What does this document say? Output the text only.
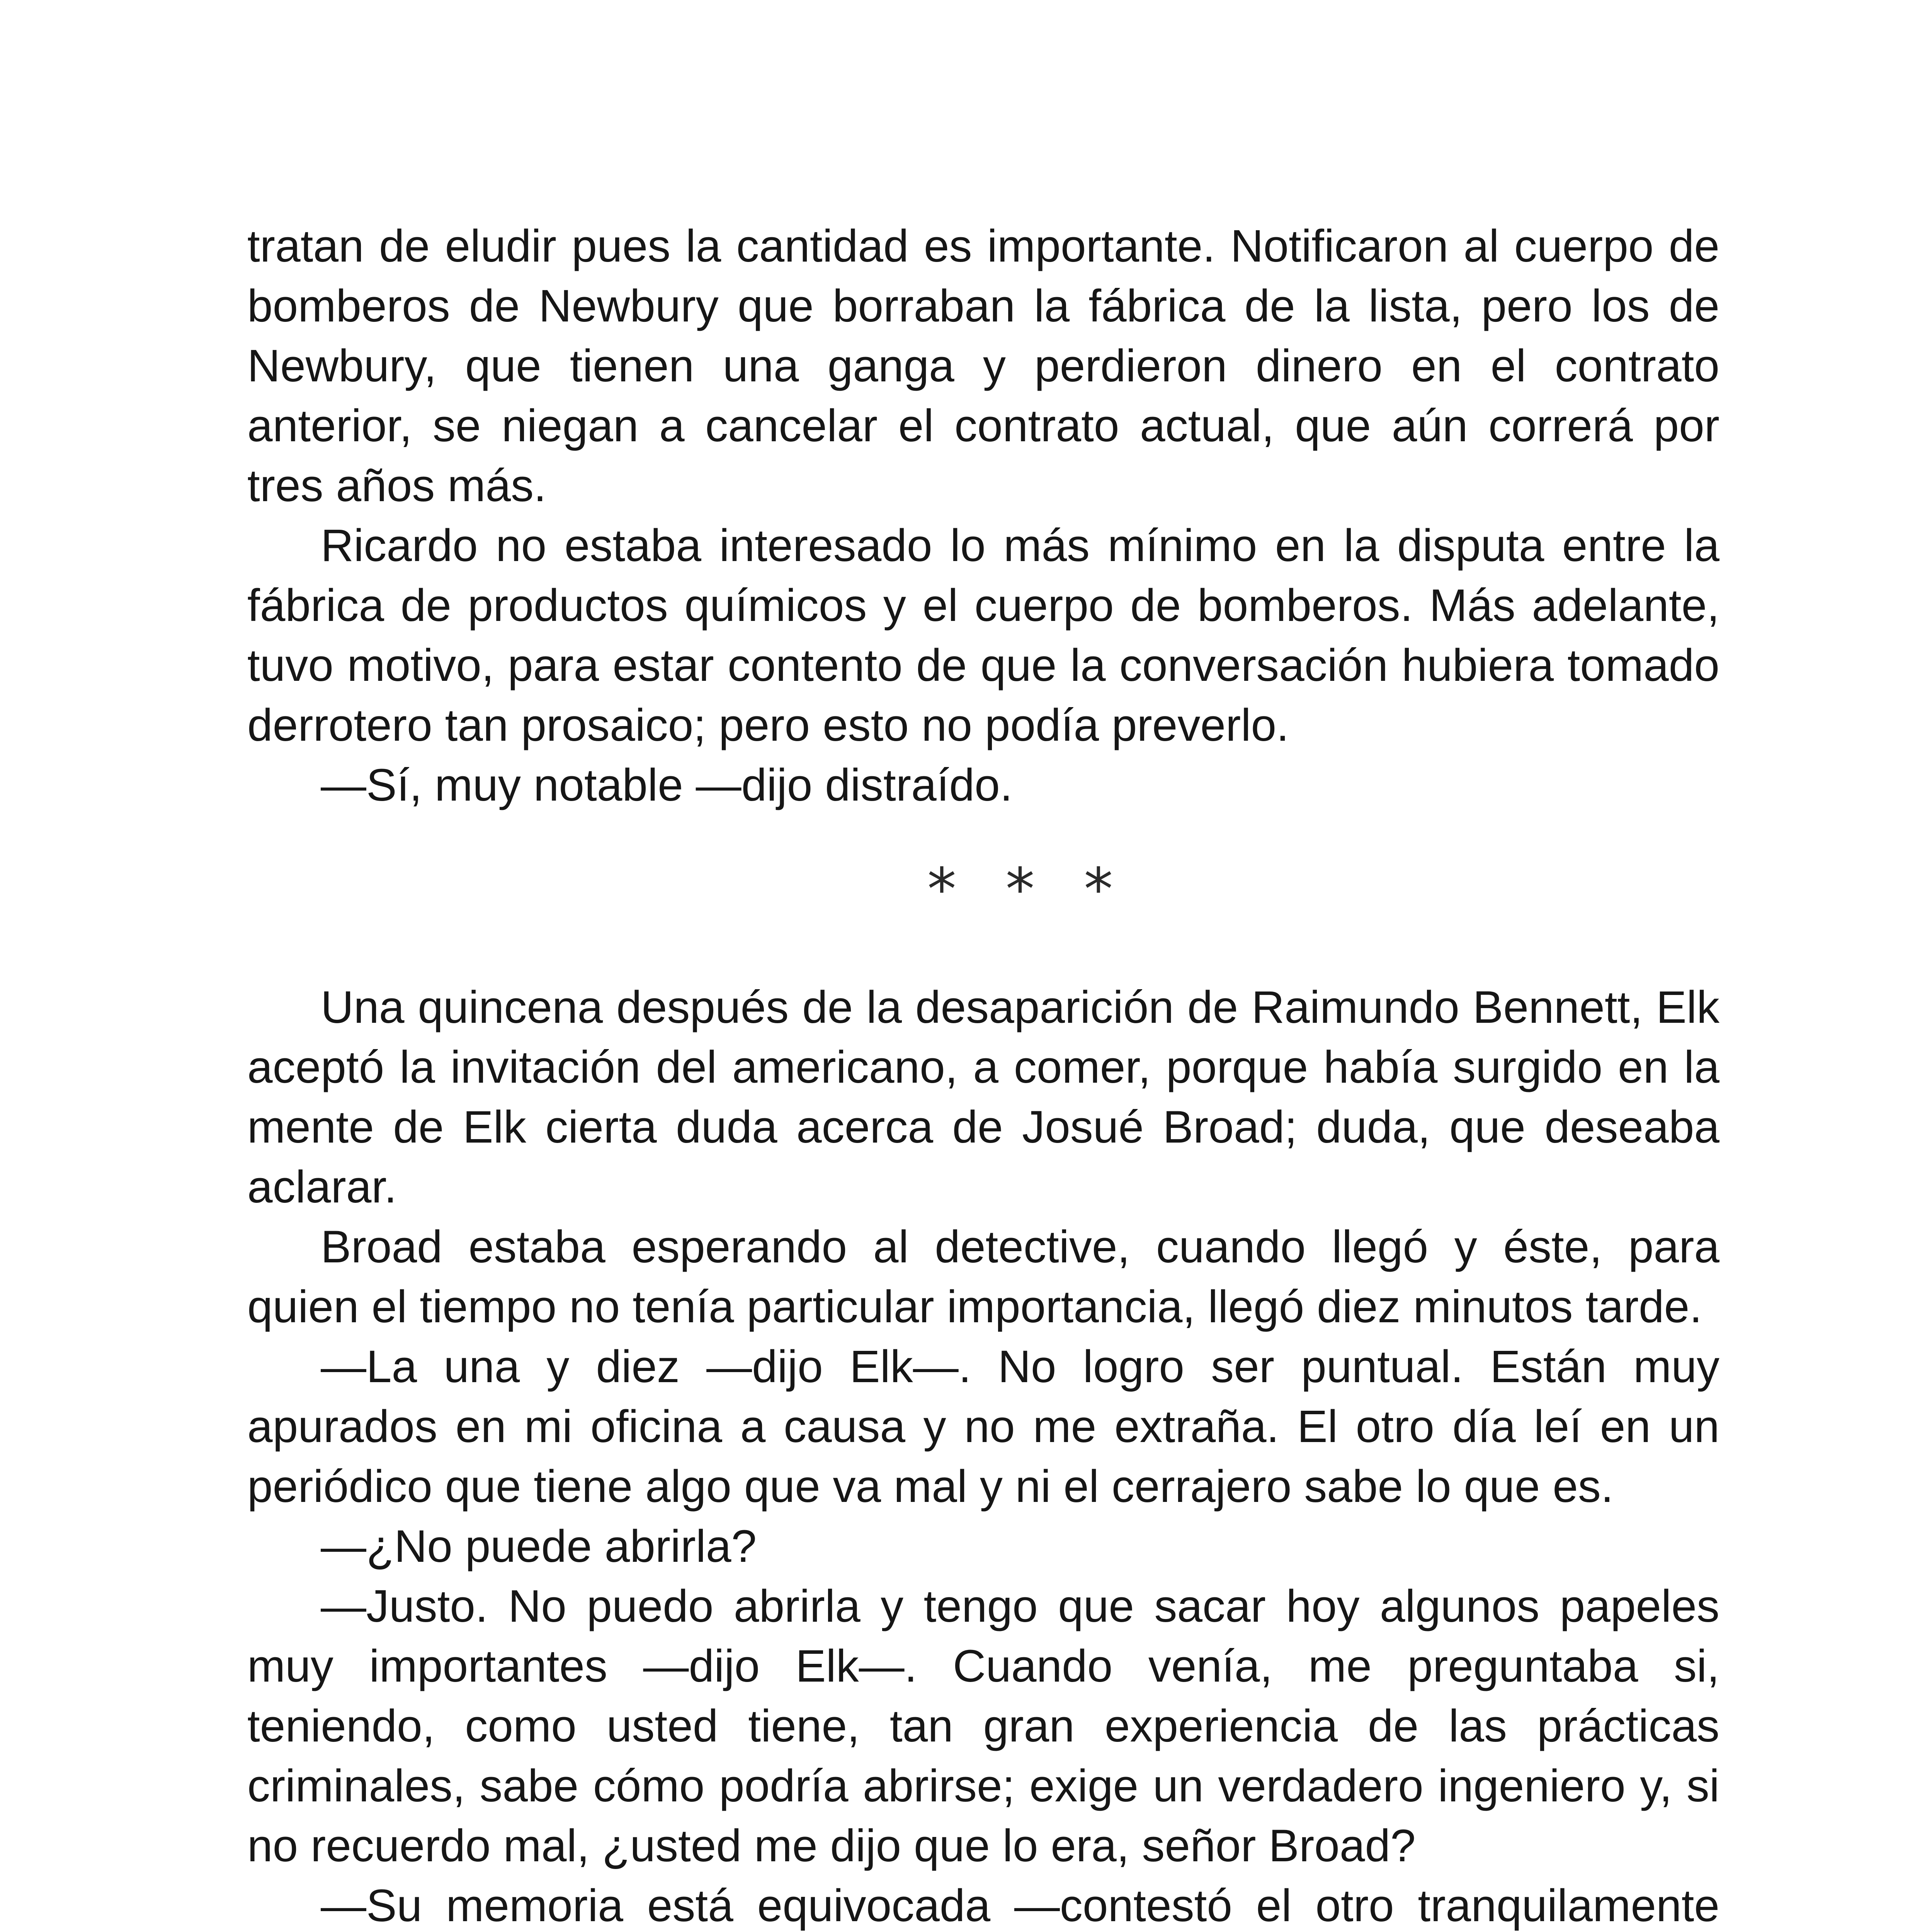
tratan de eludir pues la cantidad es importante. Notificaron al cuerpo de bomberos de Newbury que borraban la fábrica de la lista, pero los de Newbury, que tienen una ganga y perdieron dinero en el contrato anterior, se niegan a cancelar el contrato actual, que aún correrá por tres años más.

Ricardo no estaba interesado lo más mínimo en la disputa entre la fábrica de productos químicos y el cuerpo de bomberos. Más adelante, tuvo motivo, para estar contento de que la conversación hubiera tomado derrotero tan prosaico; pero esto no podía preverlo.

—Sí, muy notable —dijo distraído.

⁎ ⁎ ⁎

Una quincena después de la desaparición de Raimundo Bennett, Elk aceptó la invitación del americano, a comer, porque había surgido en la mente de Elk cierta duda acerca de Josué Broad; duda, que deseaba aclarar.

Broad estaba esperando al detective, cuando llegó y éste, para quien el tiempo no tenía particular importancia, llegó diez minutos tarde.

—La una y diez —dijo Elk—. No logro ser puntual. Están muy apurados en mi oficina a causa y no me extraña. El otro día leí en un periódico que tiene algo que va mal y ni el cerrajero sabe lo que es.

—¿No puede abrirla?

—Justo. No puedo abrirla y tengo que sacar hoy algunos papeles muy importantes —dijo Elk—. Cuando venía, me preguntaba si, teniendo, como usted tiene, tan gran experiencia de las prácticas criminales, sabe cómo podría abrirse; exige un verdadero ingeniero y, si no recuerdo mal, ¿usted me dijo que lo era, señor Broad?

—Su memoria está equivocada —contestó el otro tranquilamente
